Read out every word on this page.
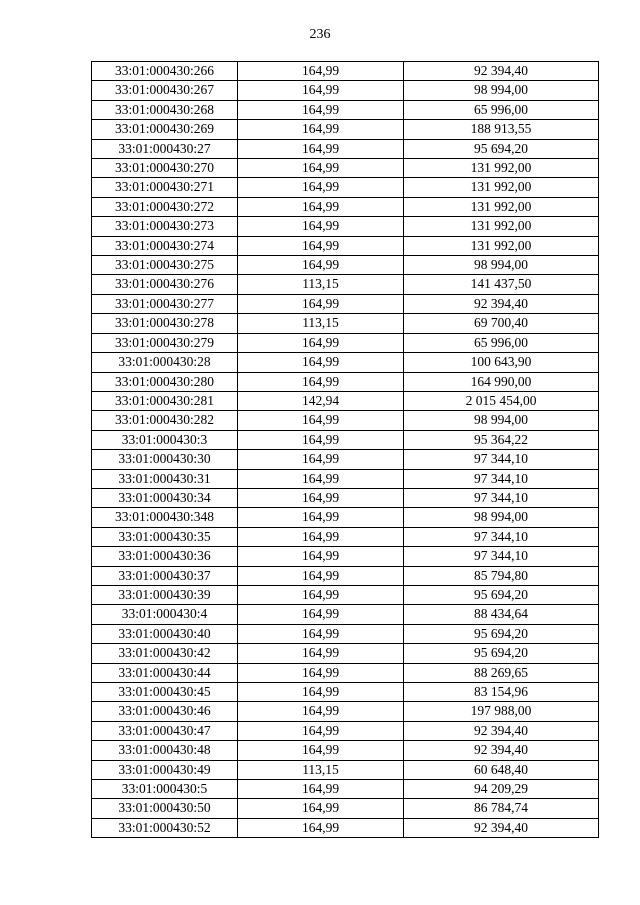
236
33:01:000430:266	164,99	92 394,40
33:01:000430:267	164,99	98 994,00
33:01:000430:268	164,99	65 996,00
33:01:000430:269	164,99	188 913,55
33:01:000430:27	164,99	95 694,20
33:01:000430:270	164,99	131 992,00
33:01:000430:271	164,99	131 992,00
33:01:000430:272	164,99	131 992,00
33:01:000430:273	164,99	131 992,00
33:01:000430:274	164,99	131 992,00
33:01:000430:275	164,99	98 994,00
33:01:000430:276	113,15	141 437,50
33:01:000430:277	164,99	92 394,40
33:01:000430:278	113,15	69 700,40
33:01:000430:279	164,99	65 996,00
33:01:000430:28	164,99	100 643,90
33:01:000430:280	164,99	164 990,00
33:01:000430:281	142,94	2 015 454,00
33:01:000430:282	164,99	98 994,00
33:01:000430:3	164,99	95 364,22
33:01:000430:30	164,99	97 344,10
33:01:000430:31	164,99	97 344,10
33:01:000430:34	164,99	97 344,10
33:01:000430:348	164,99	98 994,00
33:01:000430:35	164,99	97 344,10
33:01:000430:36	164,99	97 344,10
33:01:000430:37	164,99	85 794,80
33:01:000430:39	164,99	95 694,20
33:01:000430:4	164,99	88 434,64
33:01:000430:40	164,99	95 694,20
33:01:000430:42	164,99	95 694,20
33:01:000430:44	164,99	88 269,65
33:01:000430:45	164,99	83 154,96
33:01:000430:46	164,99	197 988,00
33:01:000430:47	164,99	92 394,40
33:01:000430:48	164,99	92 394,40
33:01:000430:49	113,15	60 648,40
33:01:000430:5	164,99	94 209,29
33:01:000430:50	164,99	86 784,74
33:01:000430:52	164,99	92 394,40
